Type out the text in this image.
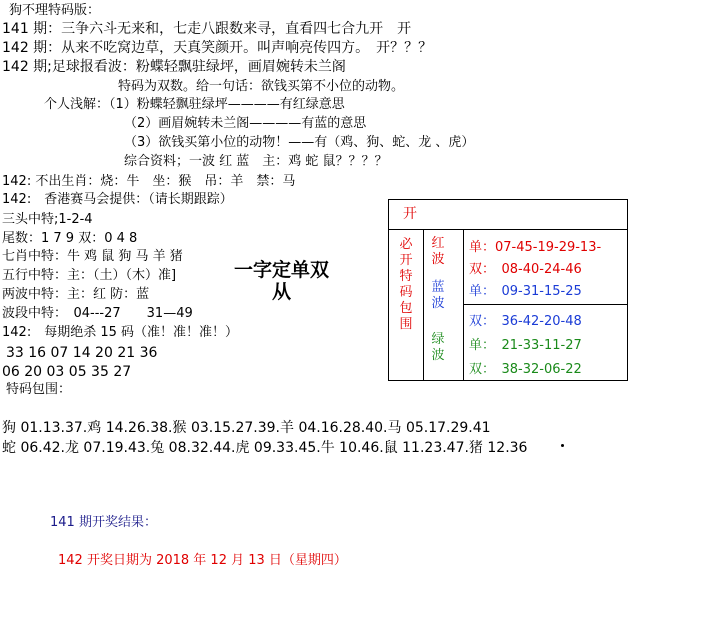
狗不理特码版：
141 期：三争六斗无来和，七走八跟数来寻，直看四七合九开　开
142 期：从来不吃窝边草，天真笑颜开。叫声响亮传四方。　开？？？
142 期;足球报看波：粉蝶轻飘驻绿坪，画眉婉转未兰阁
特码为双数。给一句话：欲钱买第不小位的动物。
个人浅解：（1）粉蝶轻飘驻绿坪————有红绿意思
（2）画眉婉转未兰阁————有蓝的意思
（3）欲钱买第小位的动物！——有（鸡、狗、蛇、龙 、虎）
综合资料；一波 红 蓝　主：鸡 蛇 鼠？？？？
142: 不出生肖：烧：牛　坐：猴　吊：羊　禁：马
142:　香港赛马会提供：（请长期跟踪）
三头中特;1-2-4
尾数：1 7 9 双：0 4 8
七肖中特：牛 鸡 鼠 狗 马 羊 猪
五行中特：主：（土）（木）准]
两波中特：主：红 防：蓝
波段中特：　04---27　　31—49
142:　每期绝杀 15 码（准！准！准！）
33 16 07 14 20 21 36
06 20 03 05 35 27
特码包围：
一字定单双
从
开
必开特码包围
红波
蓝波
绿波
单：07-45-19-29-13-
双：　08-40-24-46
单：　09-31-15-25
双：　36-42-20-48
单：　21-33-11-27
双：　38-32-06-22
狗 01.13.37.鸡 14.26.38.猴 03.15.27.39.羊 04.16.28.40.马 05.17.29.41
蛇 06.42.龙 07.19.43.兔 08.32.44.虎 09.33.45.牛 10.46.鼠 11.23.47.猪 12.36
141 期开奖结果：
142 开奖日期为 2018 年 12 月 13 日（星期四）
